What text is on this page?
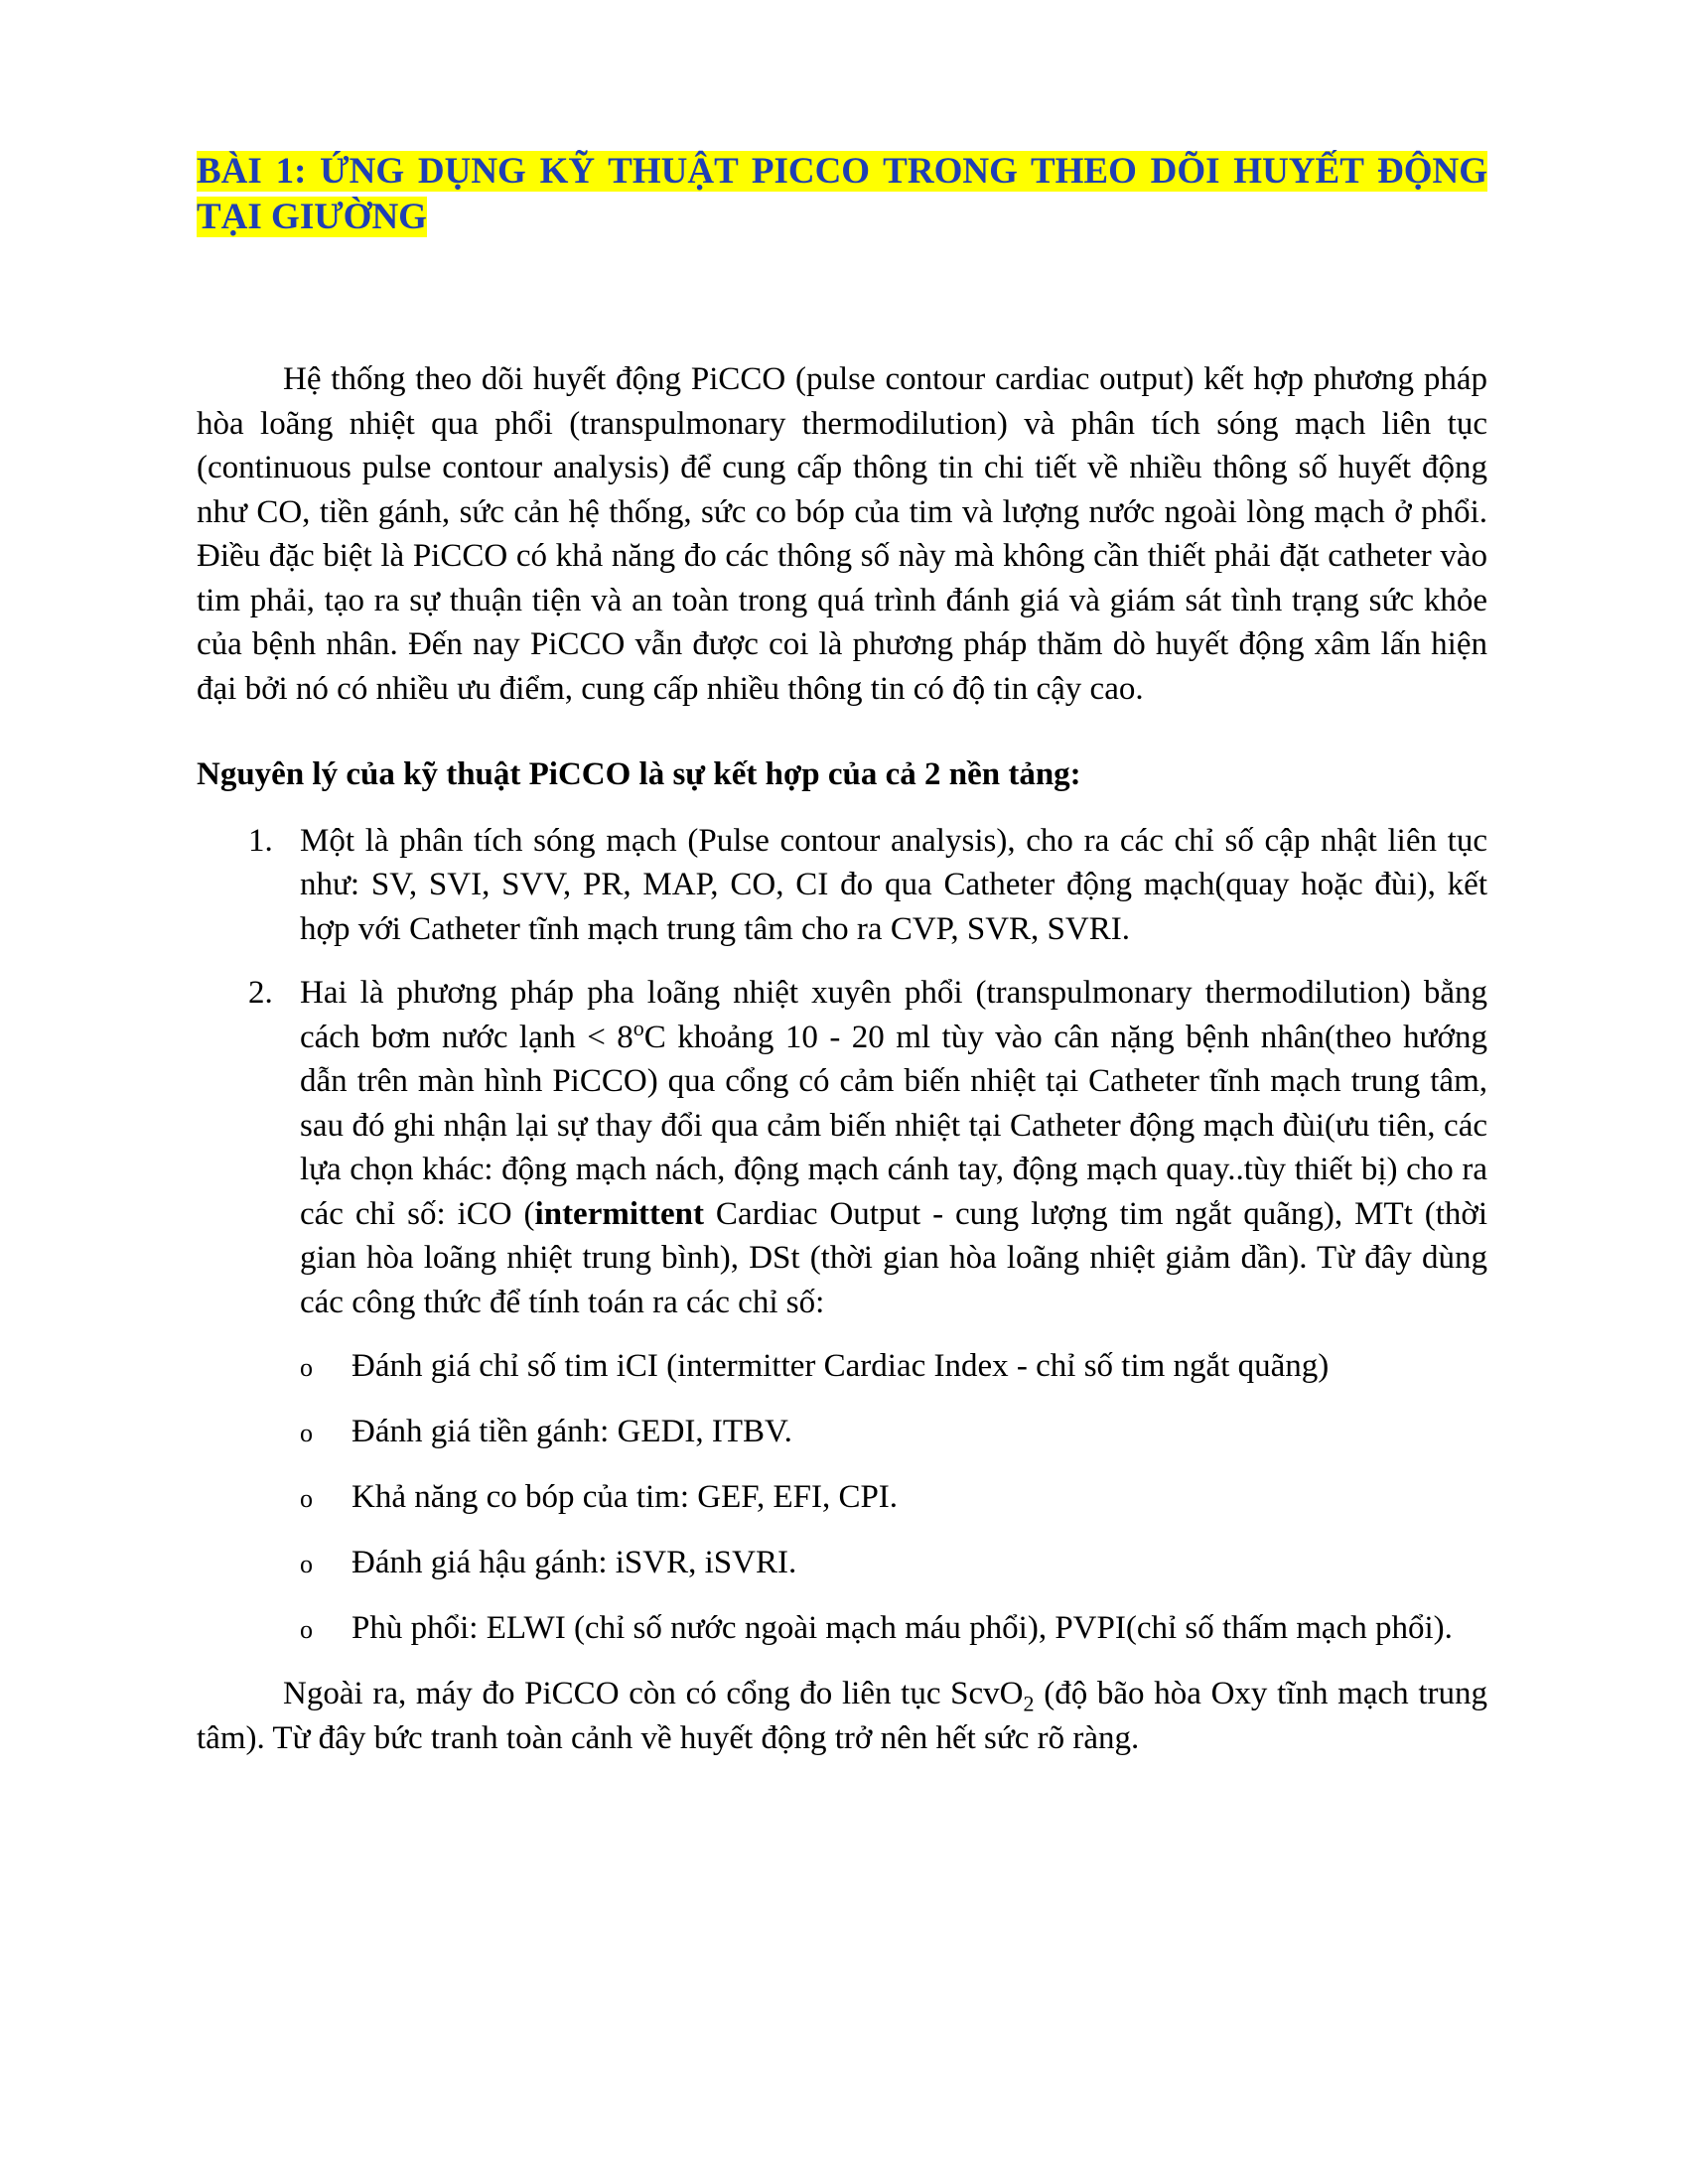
BÀI 1: ỨNG DỤNG KỸ THUẬT PICCO TRONG THEO DÕI HUYẾT ĐỘNG TẠI GIƯỜNG

Hệ thống theo dõi huyết động PiCCO (pulse contour cardiac output) kết hợp phương pháp hòa loãng nhiệt qua phổi (transpulmonary thermodilution) và phân tích sóng mạch liên tục (continuous pulse contour analysis) để cung cấp thông tin chi tiết về nhiều thông số huyết động như CO, tiền gánh, sức cản hệ thống, sức co bóp của tim và lượng nước ngoài lòng mạch ở phổi. Điều đặc biệt là PiCCO có khả năng đo các thông số này mà không cần thiết phải đặt catheter vào tim phải, tạo ra sự thuận tiện và an toàn trong quá trình đánh giá và giám sát tình trạng sức khỏe của bệnh nhân. Đến nay PiCCO vẫn được coi là phương pháp thăm dò huyết động xâm lấn hiện đại bởi nó có nhiều ưu điểm, cung cấp nhiều thông tin có độ tin cậy cao.

Nguyên lý của kỹ thuật PiCCO là sự kết hợp của cả 2 nền tảng:

1. Một là phân tích sóng mạch (Pulse contour analysis), cho ra các chỉ số cập nhật liên tục như: SV, SVI, SVV, PR, MAP, CO, CI đo qua Catheter động mạch(quay hoặc đùi), kết hợp với Catheter tĩnh mạch trung tâm cho ra CVP, SVR, SVRI.
2. Hai là phương pháp pha loãng nhiệt xuyên phổi (transpulmonary thermodilution) bằng cách bơm nước lạnh < $8^oC$ khoảng 10 - 20 ml tùy vào cân nặng bệnh nhân(theo hướng dẫn trên màn hình PiCCO) qua cổng có cảm biến nhiệt tại Catheter tĩnh mạch trung tâm, sau đó ghi nhận lại sự thay đổi qua cảm biến nhiệt tại Catheter động mạch đùi(ưu tiên, các lựa chọn khác: động mạch nách, động mạch cánh tay, động mạch quay..tùy thiết bị) cho ra các chỉ số: iCO (intermittent Cardiac Output - cung lượng tim ngắt quãng), MTt (thời gian hòa loãng nhiệt trung bình), DSt (thời gian hòa loãng nhiệt giảm dần). Từ đây dùng các công thức để tính toán ra các chỉ số:
o	Đánh giá chỉ số tim iCI (intermitter Cardiac Index - chỉ số tim ngắt quãng)
o	Đánh giá tiền gánh: GEDI, ITBV.
o	Khả năng co bóp của tim: GEF, EFI, CPI.
o	Đánh giá hậu gánh: iSVR, iSVRI.
o	Phù phổi: ELWI (chỉ số nước ngoài mạch máu phổi), PVPI(chỉ số thấm mạch phổi).

Ngoài ra, máy đo PiCCO còn có cổng đo liên tục ScvO$_2$ (độ bão hòa Oxy tĩnh mạch trung tâm). Từ đây bức tranh toàn cảnh về huyết động trở nên hết sức rõ ràng.
